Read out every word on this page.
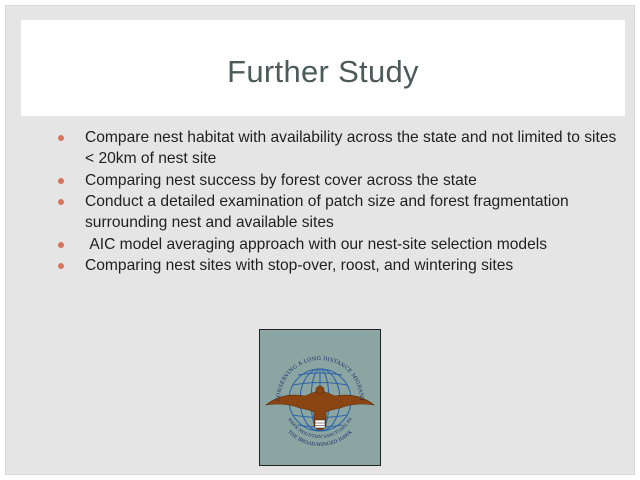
Further Study
Compare nest habitat with availability across the state and not limited to sites < 20km of nest site
Comparing nest success by forest cover across the state
Conduct a detailed examination of patch size and forest fragmentation surrounding nest and available sites
AIC model averaging approach with our nest-site selection models
Comparing nest sites with stop-over, roost, and wintering sites
CONSERVING A LONG DISTANCE MIGRANT
THE BROAD-WINGED HAWK
HAWK MOUNTAIN SANCTUARY, PA
